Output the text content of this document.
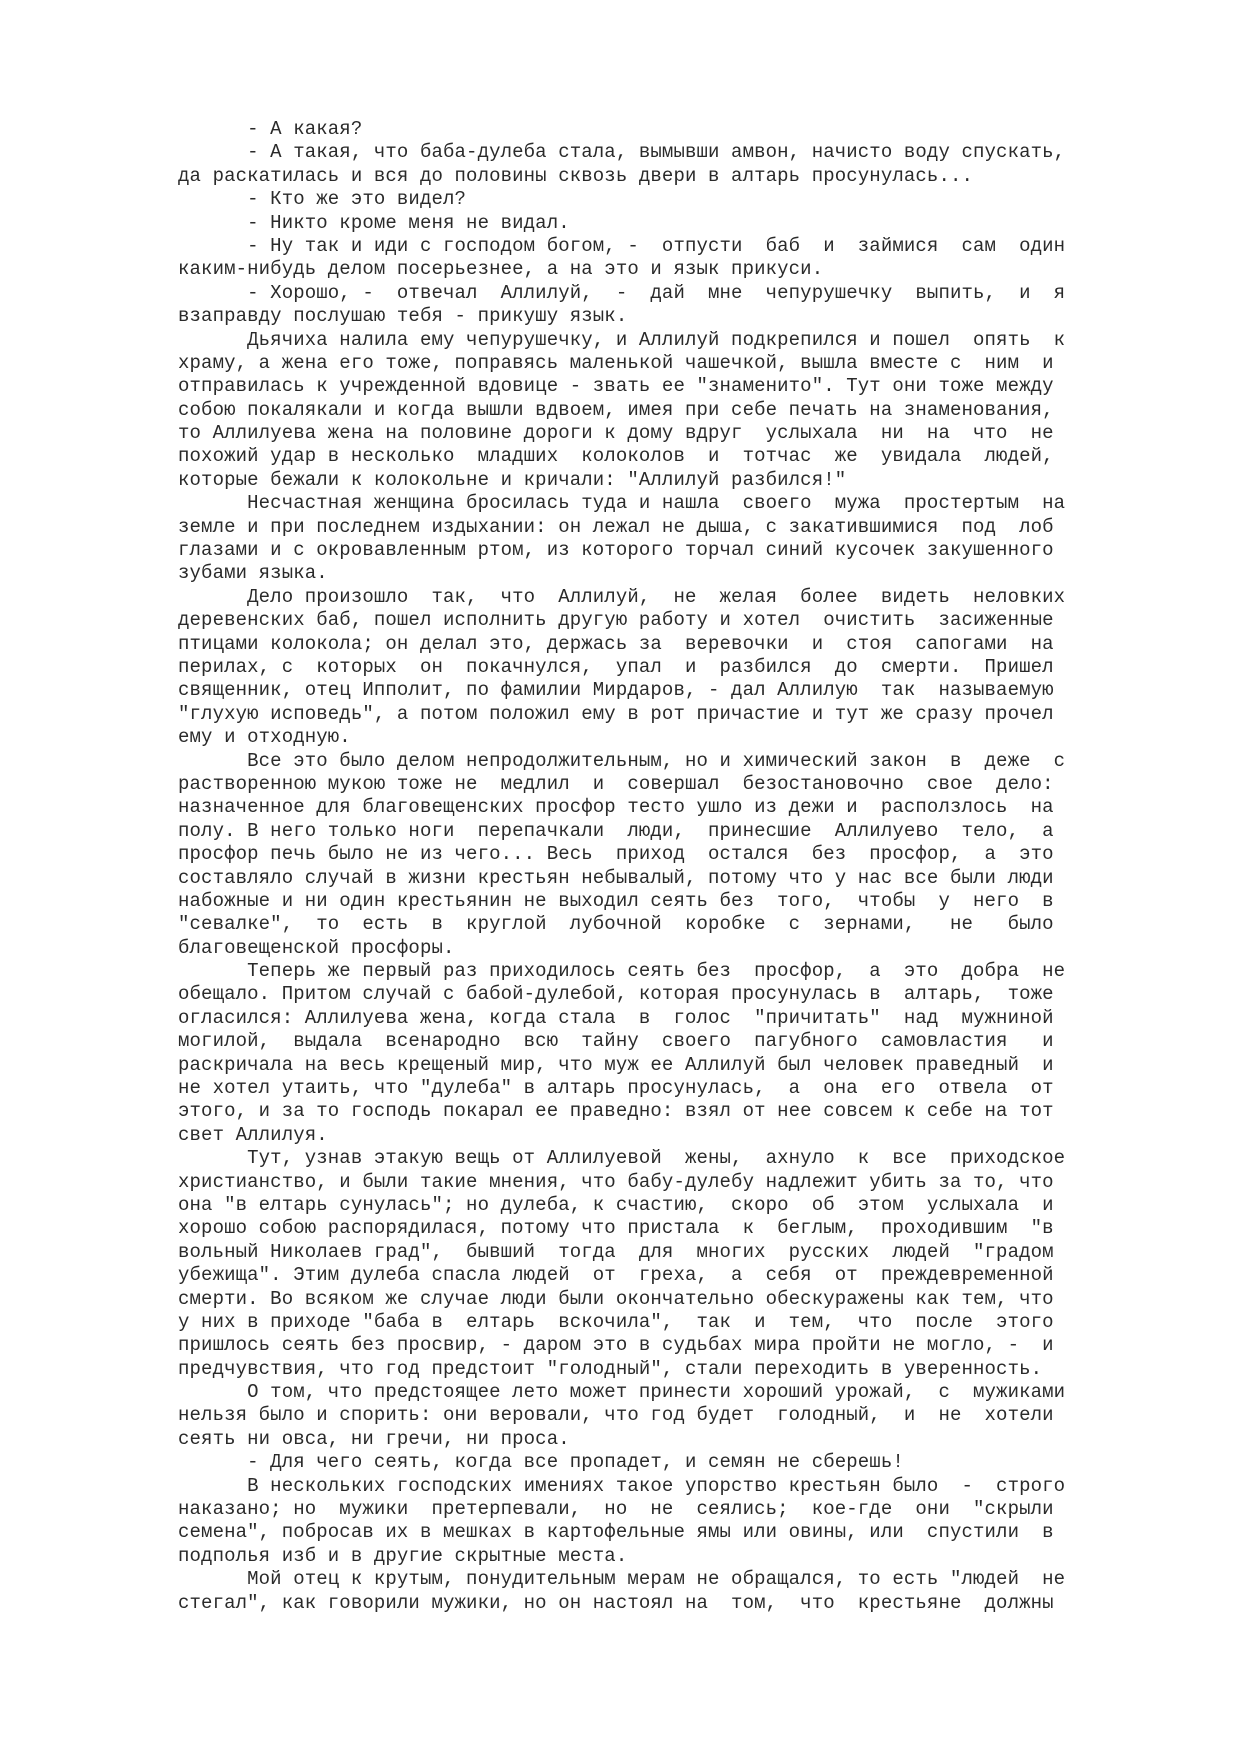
- А какая?
- А такая, что баба-дулеба стала, вымывши амвон, начисто воду спускать,
да раскатилась и вся до половины сквозь двери в алтарь просунулась...
- Кто же это видел?
- Никто кроме меня не видал.
- Ну так и иди с господом богом, -  отпусти  баб  и  займися  сам  один
каким-нибудь делом посерьезнее, а на это и язык прикуси.
- Хорошо, -  отвечал  Аллилуй,  -  дай  мне  чепурушечку  выпить,  и  я
взаправду послушаю тебя - прикушу язык.
Дьячиха налила ему чепурушечку, и Аллилуй подкрепился и пошел  опять  к
храму, а жена его тоже, поправясь маленькой чашечкой, вышла вместе с  ним  и
отправилась к учрежденной вдовице - звать ее "знаменито". Тут они тоже между
собою покалякали и когда вышли вдвоем, имея при себе печать на знаменования,
то Аллилуева жена на половине дороги к дому вдруг  услыхала  ни  на  что  не
похожий удар в несколько  младших  колоколов  и  тотчас  же  увидала  людей,
которые бежали к колокольне и кричали: "Аллилуй разбился!"
Несчастная женщина бросилась туда и нашла  своего  мужа  простертым  на
земле и при последнем издыхании: он лежал не дыша, с закатившимися  под  лоб
глазами и с окровавленным ртом, из которого торчал синий кусочек закушенного
зубами языка.
Дело произошло  так,  что  Аллилуй,  не  желая  более  видеть  неловких
деревенских баб, пошел исполнить другую работу и хотел  очистить  засиженные
птицами колокола; он делал это, держась за  веревочки  и  стоя  сапогами  на
перилах, с  которых  он  покачнулся,  упал  и  разбился  до  смерти.  Пришел
священник, отец Ипполит, по фамилии Мирдаров, - дал Аллилую  так  называемую
"глухую исповедь", а потом положил ему в рот причастие и тут же сразу прочел
ему и отходную.
Все это было делом непродолжительным, но и химический закон  в  деже  с
растворенною мукою тоже не  медлил  и  совершал  безостановочно  свое  дело:
назначенное для благовещенских просфор тесто ушло из дежи и  расползлось  на
полу. В него только ноги  перепачкали  люди,  принесшие  Аллилуево  тело,  а
просфор печь было не из чего... Весь  приход  остался  без  просфор,  а  это
составляло случай в жизни крестьян небывалый, потому что у нас все были люди
набожные и ни один крестьянин не выходил сеять без  того,  чтобы  у  него  в
"севалке",  то  есть  в  круглой  лубочной  коробке  с  зернами,   не   было
благовещенской просфоры.
Теперь же первый раз приходилось сеять без  просфор,  а  это  добра  не
обещало. Притом случай с бабой-дулебой, которая просунулась в  алтарь,  тоже
огласился: Аллилуева жена, когда стала  в  голос  "причитать"  над  мужниной
могилой,  выдала  всенародно  всю  тайну  своего  пагубного  самовластия   и
раскричала на весь крещеный мир, что муж ее Аллилуй был человек праведный  и
не хотел утаить, что "дулеба" в алтарь просунулась,  а  она  его  отвела  от
этого, и за то господь покарал ее праведно: взял от нее совсем к себе на тот
свет Аллилуя.
Тут, узнав этакую вещь от Аллилуевой  жены,  ахнуло  к  все  приходское
христианство, и были такие мнения, что бабу-дулебу надлежит убить за то, что
она "в елтарь сунулась"; но дулеба, к счастию,  скоро  об  этом  услыхала  и
хорошо собою распорядилася, потому что пристала  к  беглым,  проходившим  "в
вольный Николаев град",  бывший  тогда  для  многих  русских  людей  "градом
убежища". Этим дулеба спасла людей  от  греха,  а  себя  от  преждевременной
смерти. Во всяком же случае люди были окончательно обескуражены как тем, что
у них в приходе "баба в  елтарь  вскочила",  так  и  тем,  что  после  этого
пришлось сеять без просвир, - даром это в судьбах мира пройти не могло, -  и
предчувствия, что год предстоит "голодный", стали переходить в уверенность.
О том, что предстоящее лето может принести хороший урожай,  с  мужиками
нельзя было и спорить: они веровали, что год будет  голодный,  и  не  хотели
сеять ни овса, ни гречи, ни проса.
- Для чего сеять, когда все пропадет, и семян не сберешь!
В нескольких господских имениях такое упорство крестьян было  -  строго
наказано; но  мужики  претерпевали,  но  не  сеялись;  кое-где  они  "скрыли
семена", побросав их в мешках в картофельные ямы или овины, или  спустили  в
подполья изб и в другие скрытные места.
Мой отец к крутым, понудительным мерам не обращался, то есть "людей  не
стегал", как говорили мужики, но он настоял на  том,  что  крестьяне  должны
